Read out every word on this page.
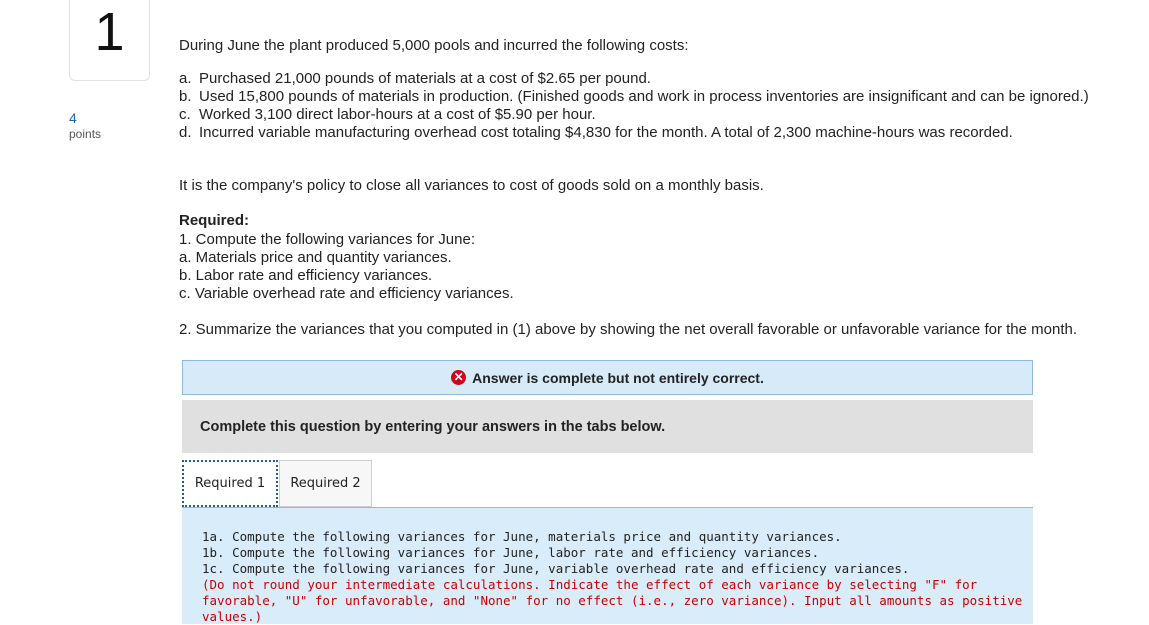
1
4
points
During June the plant produced 5,000 pools and incurred the following costs:
a. Purchased 21,000 pounds of materials at a cost of $2.65 per pound.
b. Used 15,800 pounds of materials in production. (Finished goods and work in process inventories are insignificant and can be ignored.)
c. Worked 3,100 direct labor-hours at a cost of $5.90 per hour.
d. Incurred variable manufacturing overhead cost totaling $4,830 for the month. A total of 2,300 machine-hours was recorded.
It is the company's policy to close all variances to cost of goods sold on a monthly basis.
Required:
1. Compute the following variances for June:
a. Materials price and quantity variances.
b. Labor rate and efficiency variances.
c. Variable overhead rate and efficiency variances.
2. Summarize the variances that you computed in (1) above by showing the net overall favorable or unfavorable variance for the month.
✕ Answer is complete but not entirely correct.
Complete this question by entering your answers in the tabs below.
Required 1 Required 2
1a. Compute the following variances for June, materials price and quantity variances.
1b. Compute the following variances for June, labor rate and efficiency variances.
1c. Compute the following variances for June, variable overhead rate and efficiency variances.
(Do not round your intermediate calculations. Indicate the effect of each variance by selecting "F" for favorable, "U" for unfavorable, and "None" for no effect (i.e., zero variance). Input all amounts as positive values.)
